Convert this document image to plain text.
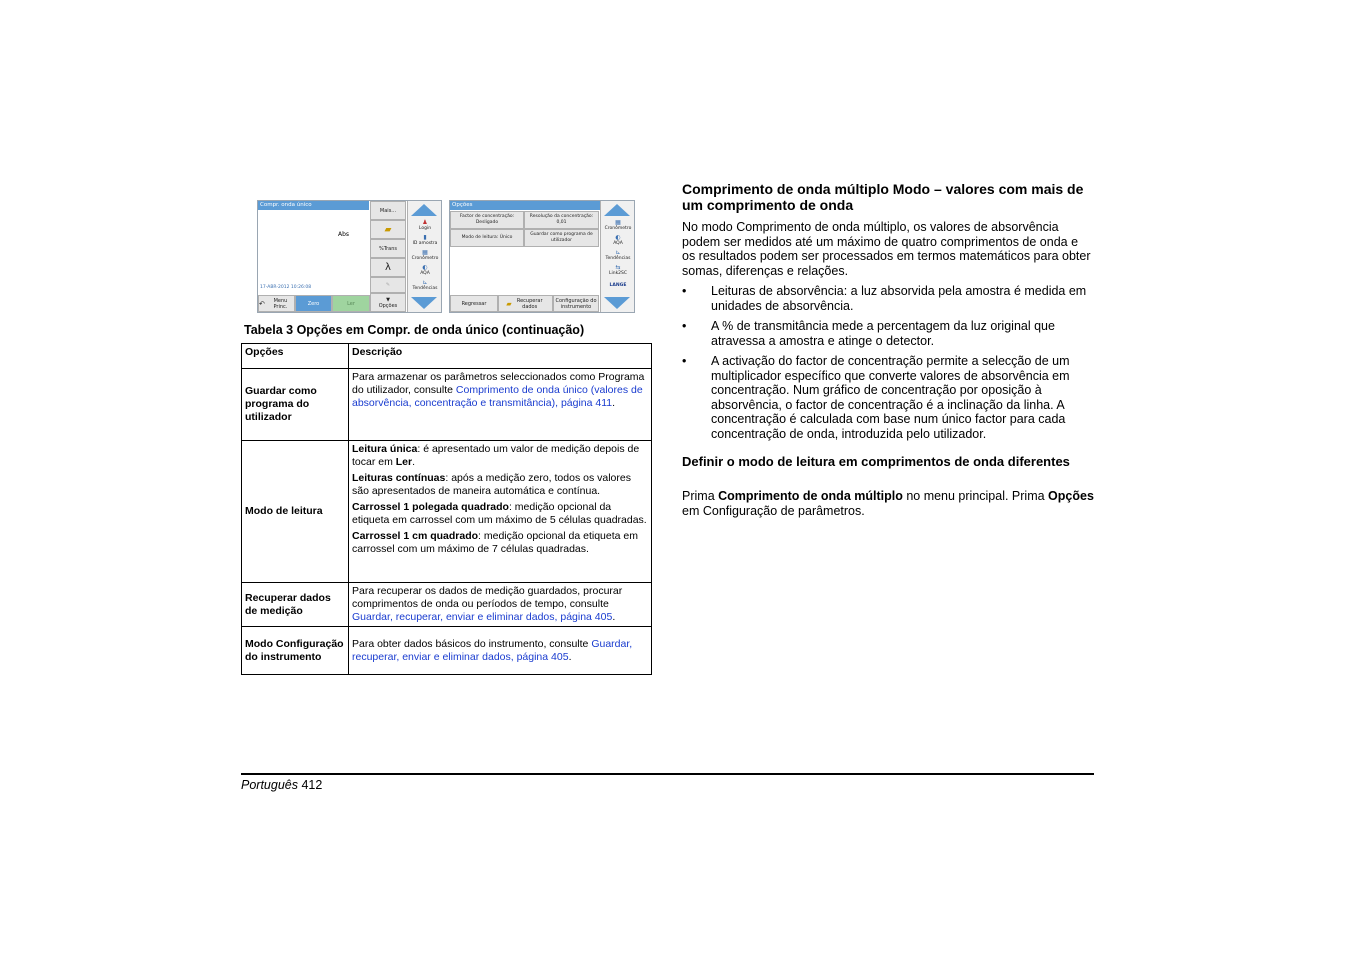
Compr. onda único
Abs
17-ABR-2012 10:26:08
Mais...
▰
%Trans
λ
✎
▼
Opções
↶	Menu Princ.	Zero	Ler
♟
Login
▮
ID amostra
▦
Cronômetro
◐
AQA
⊾
Tendências
Opções
Factor de concentração: Desligado
Resolução da concentração: 0,01
Modo de leitura: Único
Guardar como programa de utilizador
Regressar	▰	Recuperar dados
Configuração do instrumento
▦
Cronômetro
◐
AQA
⊾
Tendências
⇆
Link2SC
LANGE
Tabela 3 Opções em Compr. de onda único (continuação)
Opções	Descrição
Guardar como programa do utilizador	Para armazenar os parâmetros seleccionados como Programa do utilizador, consulte Comprimento de onda único (valores de absorvência, concentração e transmitância), página 411.
Modo de leitura	Leitura única: é apresentado um valor de medição depois de tocar em Ler.
Leituras contínuas: após a medição zero, todos os valores são apresentados de maneira automática e contínua.
Carrossel 1 polegada quadrado: medição opcional da etiqueta em carrossel com um máximo de 5 células quadradas.
Carrossel 1 cm quadrado: medição opcional da etiqueta em carrossel com um máximo de 7 células quadradas.

Recuperar dados de medição	Para recuperar os dados de medição guardados, procurar comprimentos de onda ou períodos de tempo, consulte Guardar, recuperar, enviar e eliminar dados, página 405.
Modo Configuração do instrumento	Para obter dados básicos do instrumento, consulte Guardar, recuperar, enviar e eliminar dados, página 405.
Comprimento de onda múltiplo Modo – valores com mais de um comprimento de onda
No modo Comprimento de onda múltiplo, os valores de absorvência podem ser medidos até um máximo de quatro comprimentos de onda e os resultados podem ser processados em termos matemáticos para obter somas, diferenças e relações.
• Leituras de absorvência: a luz absorvida pela amostra é medida em unidades de absorvência.
• A % de transmitância mede a percentagem da luz original que atravessa a amostra e atinge o detector.
• A activação do factor de concentração permite a selecção de um multiplicador específico que converte valores de absorvência em concentração. Num gráfico de concentração por oposição à absorvência, o factor de concentração é a inclinação da linha. A concentração é calculada com base num único factor para cada concentração de onda, introduzida pelo utilizador.
Definir o modo de leitura em comprimentos de onda diferentes
Prima Comprimento de onda múltiplo no menu principal. Prima Opções em Configuração de parâmetros.
Português 412
